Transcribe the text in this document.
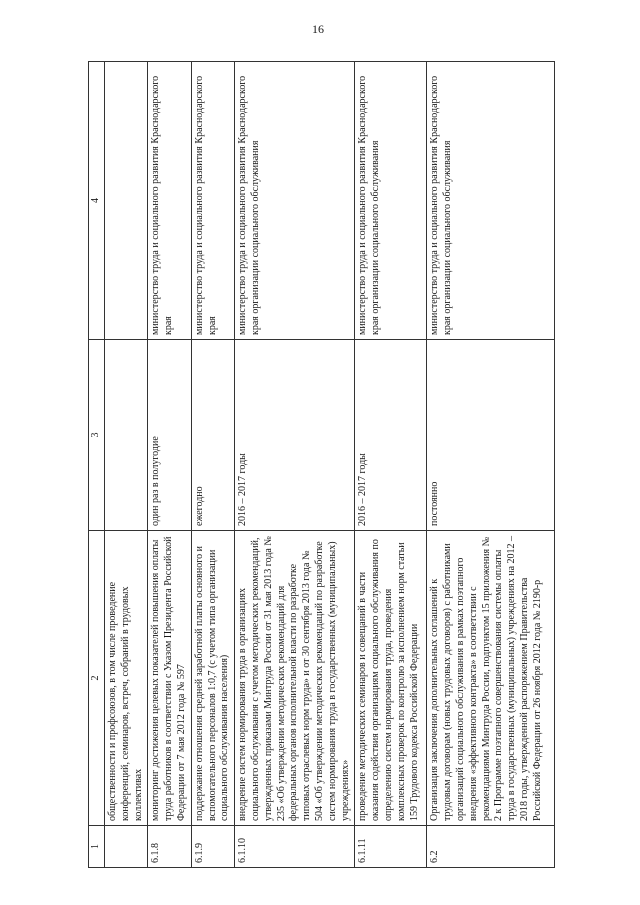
16
1	2	3	4
	общественности и профсоюзов, в том числе проведение конференций, семинаров, встреч, собраний в трудовых коллективах		
6.1.8	мониторинг достижения целевых показателей повышения оплаты труда работников в соответствии с Указом Президента Российской Федерации от 7 мая 2012 года № 597	один раз в полугодие	министерство труда и социального развития Краснодарского края
6.1.9	поддержание отношения средней заработной платы основного и вспомогательного персоналов 1:0,7 (с учетом типа организации социального обслуживания населения)	ежегодно	министерство труда и социального развития Краснодарского края
6.1.10	внедрение систем нормирования труда в организациях социального обслуживания с учетом методических рекомендаций, утвержденных приказами Минтруда России от 31 мая 2013 года № 235 «Об утверждении методических рекомендаций для федеральных органов исполнительной власти по разработке типовых отраслевых норм труда» и от 30 сентября 2013 года № 504 «Об утверждении методических рекомендаций по разработке систем нормирования труда в государственных (муниципальных) учреждениях»	2016 – 2017 годы	министерство труда и социального развития Краснодарского края организации социального обслуживания
6.1.11	проведение методических семинаров и совещаний в части оказания содействия организациям социального обслуживания по определению систем нормирования труда, проведения комплексных проверок по контролю за исполнением норм статьи 159 Трудового кодекса Российской Федерации	2016 – 2017 годы	министерство труда и социального развития Краснодарского края организации социального обслуживания
6.2	Организация заключения дополнительных соглашений к трудовым договорам (новых трудовых договоров) с работниками организаций социального обслуживания в рамках поэтапного внедрения «эффективного контракта» в соответствии с рекомендациями Минтруда России, подпунктом 15 приложения № 2 к Программе поэтапного совершенствования системы оплаты труда в государственных (муниципальных) учреждениях на 2012 – 2018 годы, утвержденной распоряжением Правительства Российской Федерации от 26 ноября 2012 года № 2190-р	постоянно	министерство труда и социального развития Краснодарского края организации социального обслуживания
